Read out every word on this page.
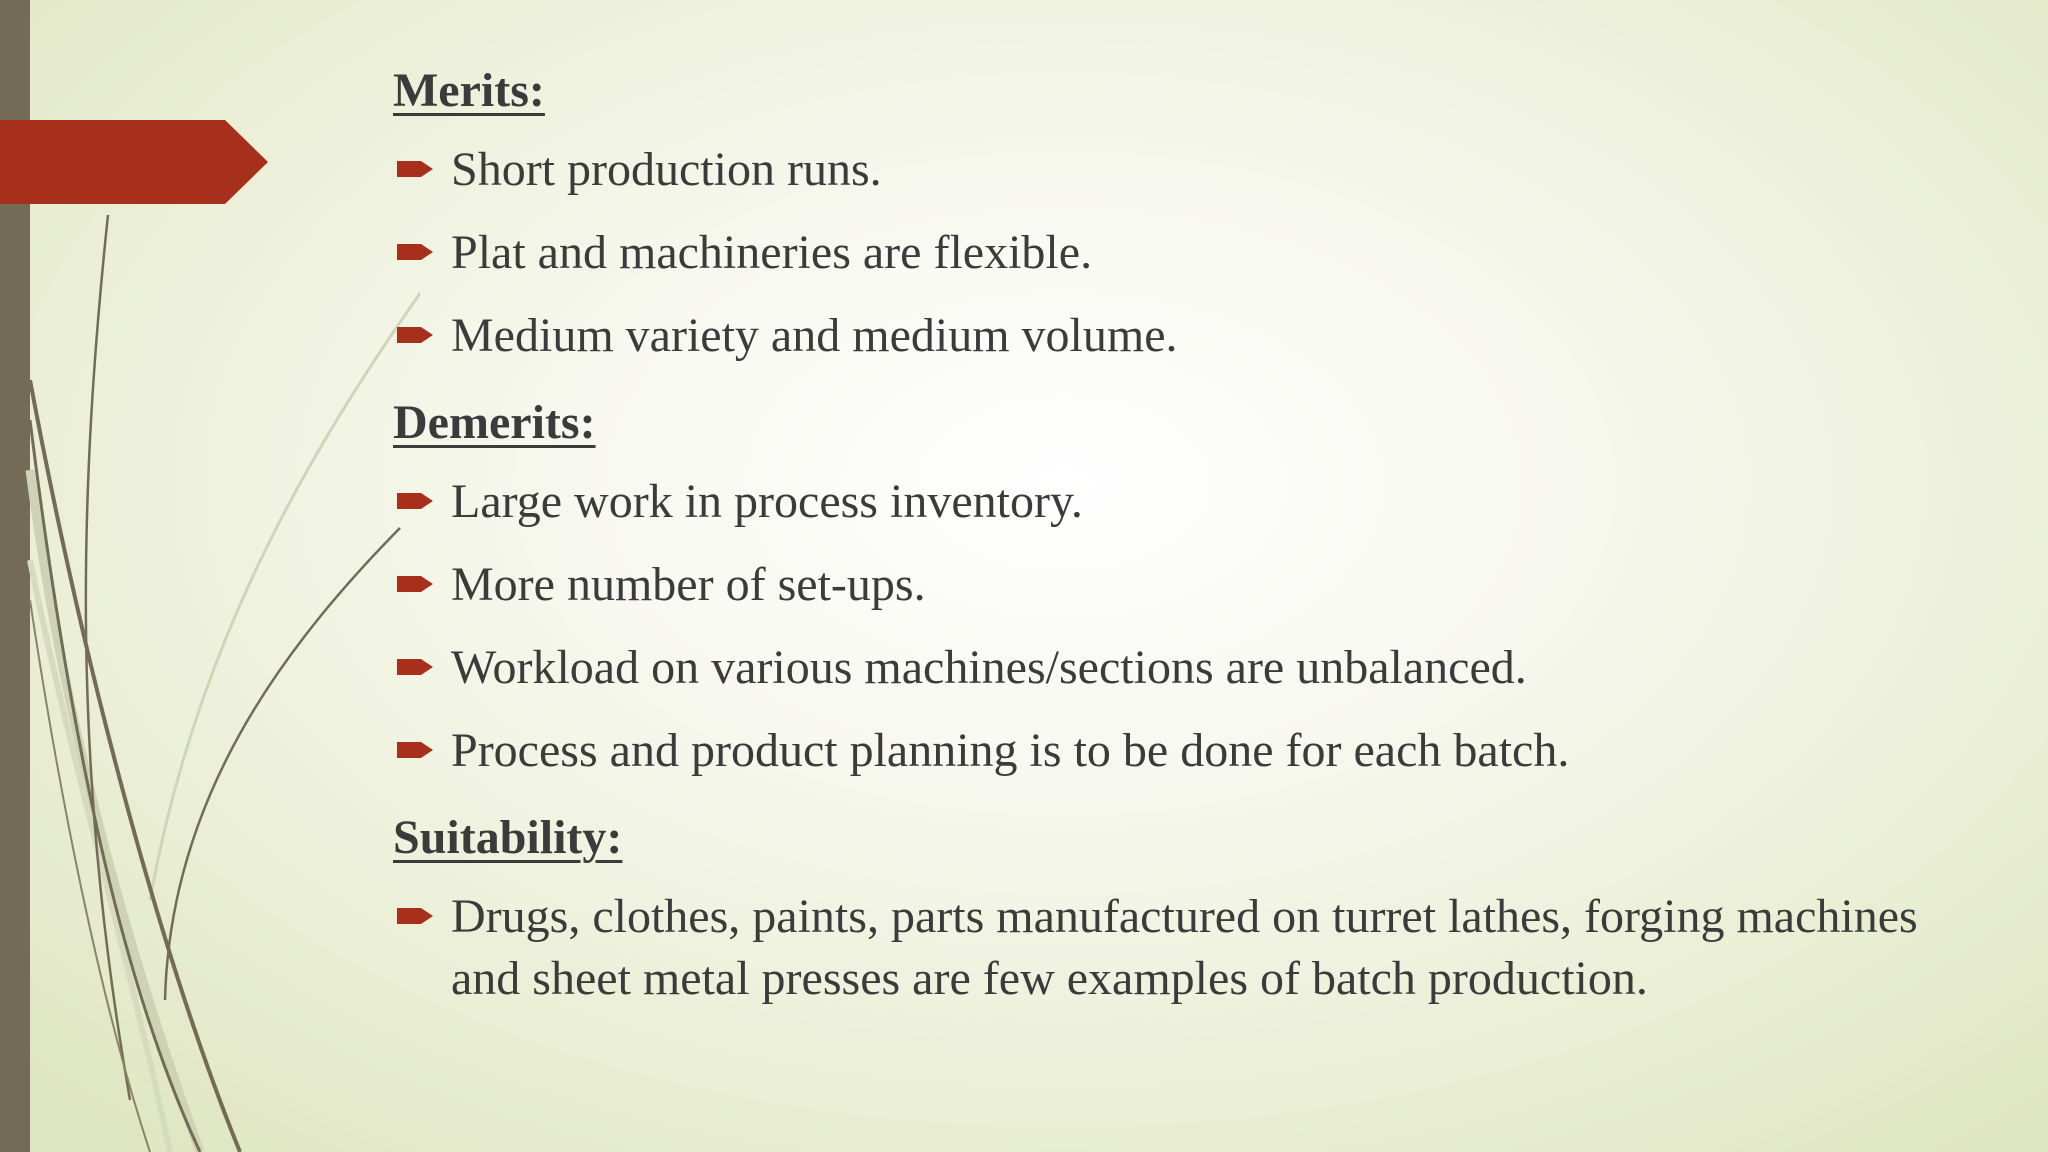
Merits:
Short production runs.
Plat and machineries are flexible.
Medium variety and medium volume.
Demerits:
Large work in process inventory.
More number of set-ups.
Workload on various machines/sections are unbalanced.
Process and product planning is to be done for each batch.
Suitability:
Drugs, clothes, paints, parts manufactured on turret lathes, forging machines and sheet metal presses are few examples of batch production.
